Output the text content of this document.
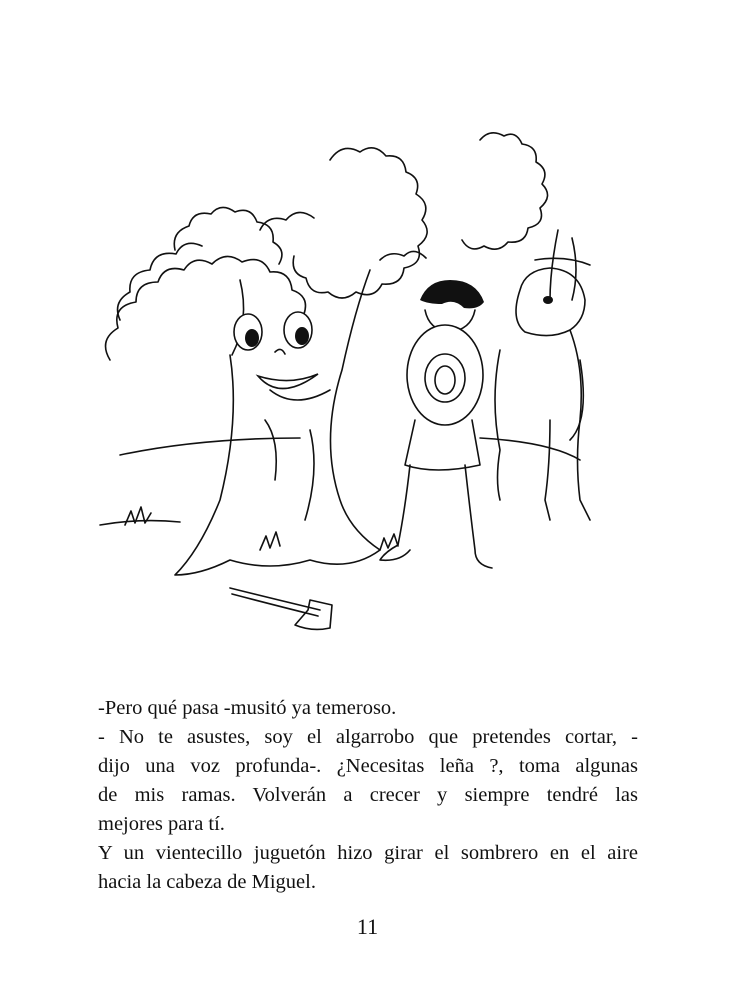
-Pero qué pasa -musitó ya temeroso.

- No te asustes, soy el algarrobo que pretendes cortar, -

dijo una voz profunda-. ¿Necesitas leña ?, toma algunas

de mis ramas. Volverán a crecer y siempre tendré las

mejores para tí.

Y un vientecillo juguetón hizo girar el sombrero en el aire

hacia la cabeza de Miguel.

11
